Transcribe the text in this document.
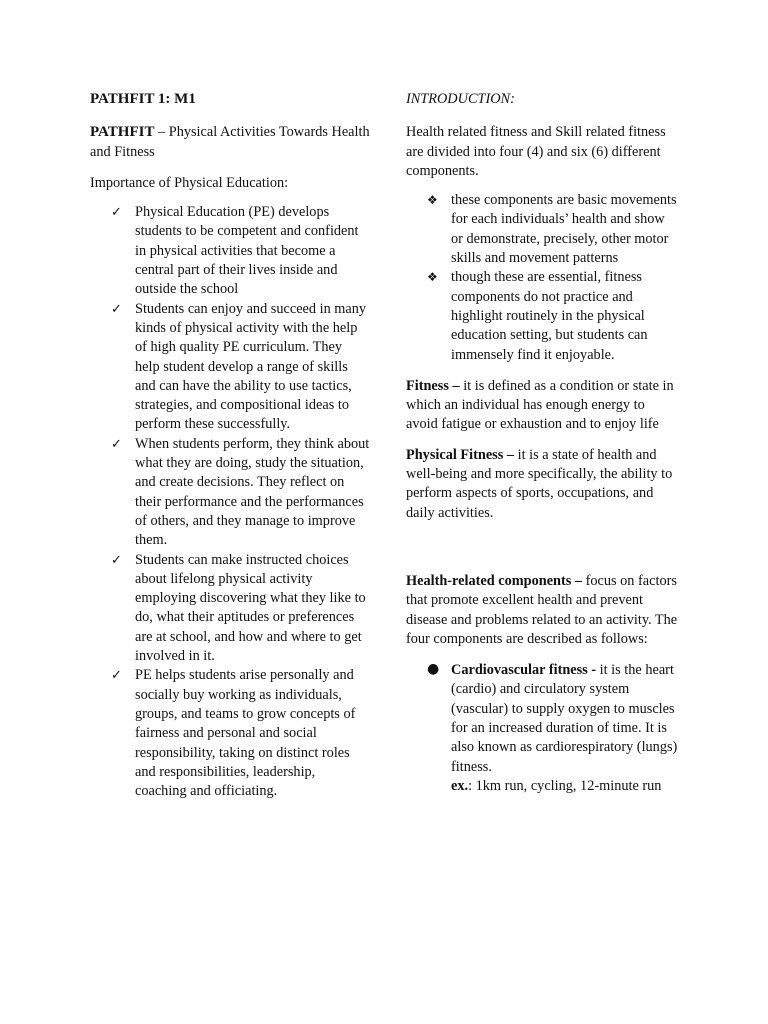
PATHFIT 1: M1

PATHFIT – Physical Activities Towards Health and Fitness

Importance of Physical Education:

✓ Physical Education (PE) develops students to be competent and confident in physical activities that become a central part of their lives inside and outside the school
✓ Students can enjoy and succeed in many kinds of physical activity with the help of high quality PE curriculum. They help student develop a range of skills and can have the ability to use tactics, strategies, and compositional ideas to perform these successfully.
✓ When students perform, they think about what they are doing, study the situation, and create decisions. They reflect on their performance and the performances of others, and they manage to improve them.
✓ Students can make instructed choices about lifelong physical activity employing discovering what they like to do, what their aptitudes or preferences are at school, and how and where to get involved in it.
✓ PE helps students arise personally and socially buy working as individuals, groups, and teams to grow concepts of fairness and personal and social responsibility, taking on distinct roles and responsibilities, leadership, coaching and officiating.

INTRODUCTION:

Health related fitness and Skill related fitness are divided into four (4) and six (6) different components.

❖ these components are basic movements for each individuals’ health and show or demonstrate, precisely, other motor skills and movement patterns
❖ though these are essential, fitness components do not practice and highlight routinely in the physical education setting, but students can immensely find it enjoyable.

Fitness – it is defined as a condition or state in which an individual has enough energy to avoid fatigue or exhaustion and to enjoy life

Physical Fitness – it is a state of health and well-being and more specifically, the ability to perform aspects of sports, occupations, and daily activities.

Health-related components – focus on factors that promote excellent health and prevent disease and problems related to an activity. The four components are described as follows:

● Cardiovascular fitness - it is the heart (cardio) and circulatory system (vascular) to supply oxygen to muscles for an increased duration of time. It is also known as cardiorespiratory (lungs) fitness.
ex.: 1km run, cycling, 12-minute run
